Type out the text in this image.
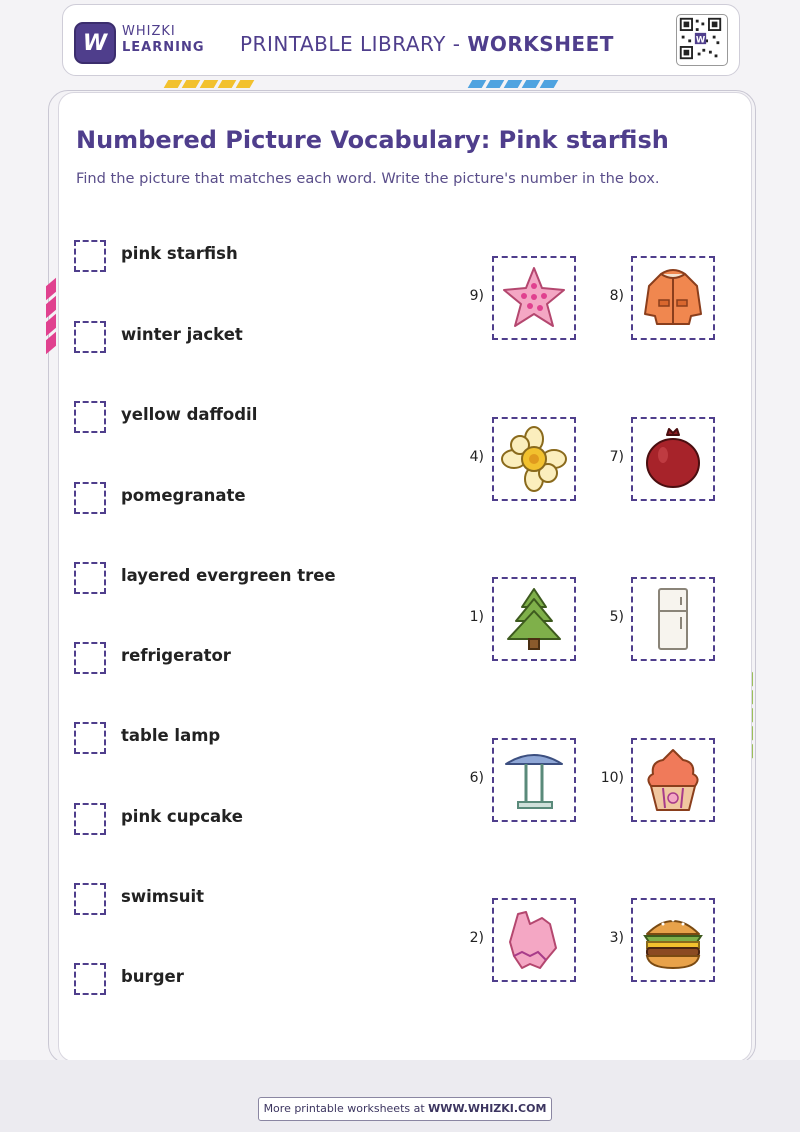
W WHIZKI
LEARNING PRINTABLE LIBRARY - WORKSHEET	W
Numbered Picture Vocabulary: Pink starfish
Find the picture that matches each word. Write the picture's number in the box.
pink starfish
winter jacket
yellow daffodil
pomegranate
layered evergreen tree
refrigerator
table lamp
pink cupcake
swimsuit
burger
9)	8)
4)	7)
1)	5)
6)	10)
2)	3)
More printable worksheets at WWW.WHIZKI.COM
